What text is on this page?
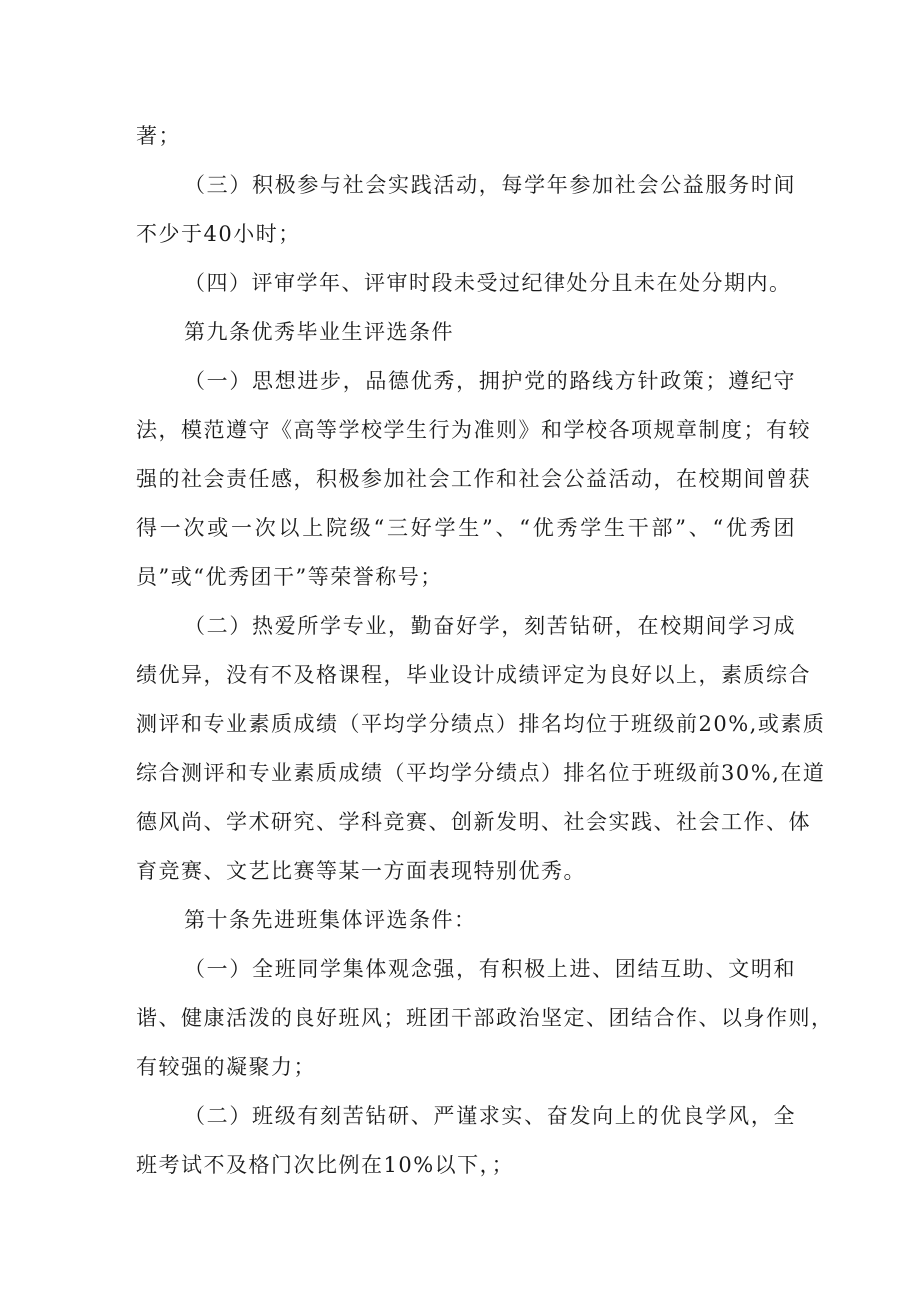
著；
（三）积极参与社会实践活动，每学年参加社会公益服务时间
不少于40小时；
（四）评审学年、评审时段未受过纪律处分且未在处分期内。
第九条优秀毕业生评选条件
（一）思想进步，品德优秀，拥护党的路线方针政策；遵纪守
法，模范遵守《高等学校学生行为准则》和学校各项规章制度；有较
强的社会责任感，积极参加社会工作和社会公益活动，在校期间曾获
得一次或一次以上院级“三好学生”、“优秀学生干部”、“优秀团
员”或“优秀团干”等荣誉称号；
（二）热爱所学专业，勤奋好学，刻苦钻研，在校期间学习成
绩优异，没有不及格课程，毕业设计成绩评定为良好以上，素质综合
测评和专业素质成绩（平均学分绩点）排名均位于班级前20%,或素质
综合测评和专业素质成绩（平均学分绩点）排名位于班级前30%,在道
德风尚、学术研究、学科竞赛、创新发明、社会实践、社会工作、体
育竞赛、文艺比赛等某一方面表现特别优秀。
第十条先进班集体评选条件：
（一）全班同学集体观念强，有积极上进、团结互助、文明和
谐、健康活泼的良好班风；班团干部政治坚定、团结合作、以身作则，
有较强的凝聚力；
（二）班级有刻苦钻研、严谨求实、奋发向上的优良学风，全
班考试不及格门次比例在10%以下，；
